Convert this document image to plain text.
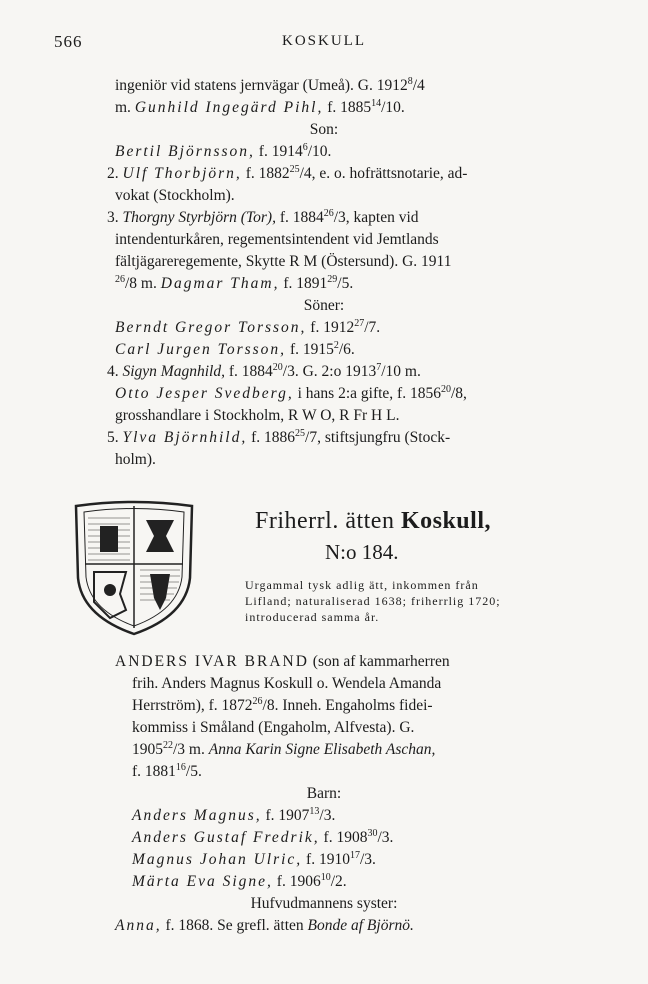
566	KOSKULL
ingeniör vid statens jernvägar (Umeå). G. 1912$^8$/4
m. Gunhild Ingegärd Pihl, f. 1885$^{14}$/10.
Son:
Bertil Björnsson, f. 1914$^6$/10.
2. Ulf Thorbjörn, f. 1882$^{25}$/4, e. o. hofrättsnotarie, ad-
vokat (Stockholm).
3. Thorgny Styrbjörn (Tor), f. 1884$^{26}$/3, kapten vid
intendenturkåren, regementsintendent vid Jemtlands
fältjägareregemente, Skytte R M (Östersund). G. 1911
$^{26}$/8 m. Dagmar Tham, f. 1891$^{29}$/5.
Söner:
Berndt Gregor Torsson, f. 1912$^{27}$/7.
Carl Jurgen Torsson, f. 1915$^2$/6.
4. Sigyn Magnhild, f. 1884$^{20}$/3. G. 2:o 1913$^7$/10 m.
Otto Jesper Svedberg, i hans 2:a gifte, f. 1856$^{20}$/8,
grosshandlare i Stockholm, R W O, R Fr H L.
5. Ylva Björnhild, f. 1886$^{25}$/7, stiftsjungfru (Stock-
holm).
Friherrl. ätten Koskull,
N:o 184.
Urgammal tysk adlig ätt, inkommen från
Lifland; naturaliserad 1638; friherrlig 1720;
introducerad samma år.
ANDERS IVAR BRAND (son af kammarherren
frih. Anders Magnus Koskull o. Wendela Amanda
Herrström), f. 1872$^{26}$/8. Inneh. Engaholms fidei-
kommiss i Småland (Engaholm, Alfvesta). G.
1905$^{22}$/3 m. Anna Karin Signe Elisabeth Aschan,
f. 1881$^{16}$/5.
Barn:
Anders Magnus, f. 1907$^{13}$/3.
Anders Gustaf Fredrik, f. 1908$^{30}$/3.
Magnus Johan Ulric, f. 1910$^{17}$/3.
Märta Eva Signe, f. 1906$^{10}$/2.
Hufvudmannens syster:
Anna, f. 1868. Se grefl. ätten Bonde af Björnö.
